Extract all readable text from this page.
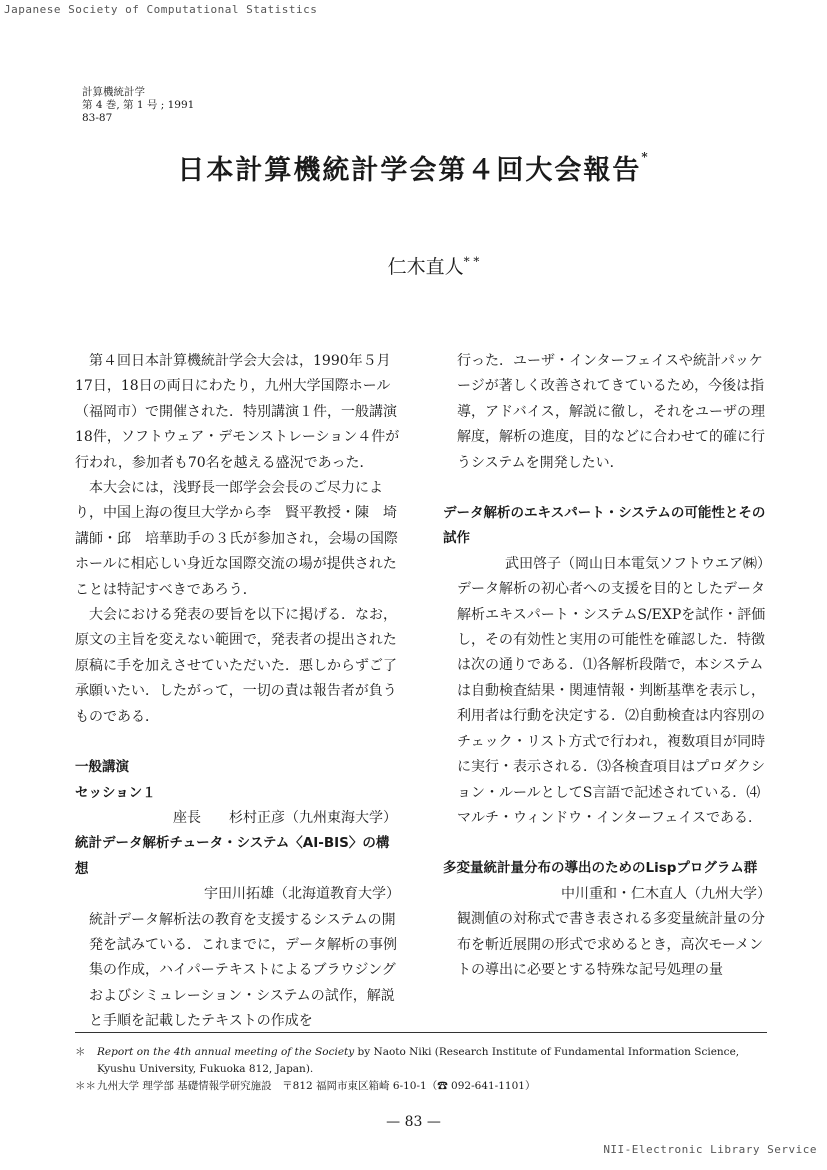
Japanese Society of Computational Statistics
計算機統計学
第 4 巻, 第 1 号 ; 1991
83-87
日本計算機統計学会第４回大会報告*
仁木直人* *

第４回日本計算機統計学会大会は，1990年５月17日，18日の両日にわたり，九州大学国際ホール（福岡市）で開催された．特別講演１件，一般講演18件，ソフトウェア・デモンストレーション４件が行われ，参加者も70名を越える盛況であった．

本大会には，浅野長一郎学会会長のご尽力により，中国上海の復旦大学から李　賢平教授・陳　埼講師・邱　培華助手の３氏が参加され，会場の国際ホールに相応しい身近な国際交流の場が提供されたことは特記すべきであろう．

大会における発表の要旨を以下に掲げる．なお，原文の主旨を変えない範囲で，発表者の提出された原稿に手を加えさせていただいた．悪しからずご了承願いたい．したがって，一切の責は報告者が負うものである．

一般講演

セッション１

座長　　杉村正彦（九州東海大学）

統計データ解析チュータ・システム〈AI-BIS〉の構想

宇田川拓雄（北海道教育大学）

統計データ解析法の教育を支援するシステムの開発を試みている．これまでに，データ解析の事例集の作成，ハイパーテキストによるブラウジングおよびシミュレーション・システムの試作，解説と手順を記載したテキストの作成を

行った．ユーザ・インターフェイスや統計パッケージが著しく改善されてきているため，今後は指導，アドバイス，解説に徹し，それをユーザの理解度，解析の進度，目的などに合わせて的確に行うシステムを開発したい．

データ解析のエキスパート・システムの可能性とその試作

武田啓子（岡山日本電気ソフトウエア㈱）

データ解析の初心者への支援を目的としたデータ解析エキスパート・システムS/EXPを試作・評価し，その有効性と実用の可能性を確認した．特徴は次の通りである．⑴各解析段階で，本システムは自動検査結果・関連情報・判断基準を表示し，利用者は行動を決定する．⑵自動検査は内容別のチェック・リスト方式で行われ，複数項目が同時に実行・表示される．⑶各検査項目はプロダクション・ルールとしてS言語で記述されている．⑷マルチ・ウィンドウ・インターフェイスである．

多変量統計量分布の導出のためのLispプログラム群

中川重和・仁木直人（九州大学）

観測値の対称式で書き表される多変量統計量の分布を斬近展開の形式で求めるとき，高次モーメントの導出に必要とする特殊な記号処理の量

＊	Report on the 4th annual meeting of the Society by Naoto Niki (Research Institute of Fundamental Information Science, Kyushu University, Fukuoka 812, Japan).
＊＊ 九州大学 理学部 基礎情報学研究施設　〒812 福岡市東区箱崎 6-10-1（☎ 092-641-1101）
— 83 —
NII-Electronic Library Service
